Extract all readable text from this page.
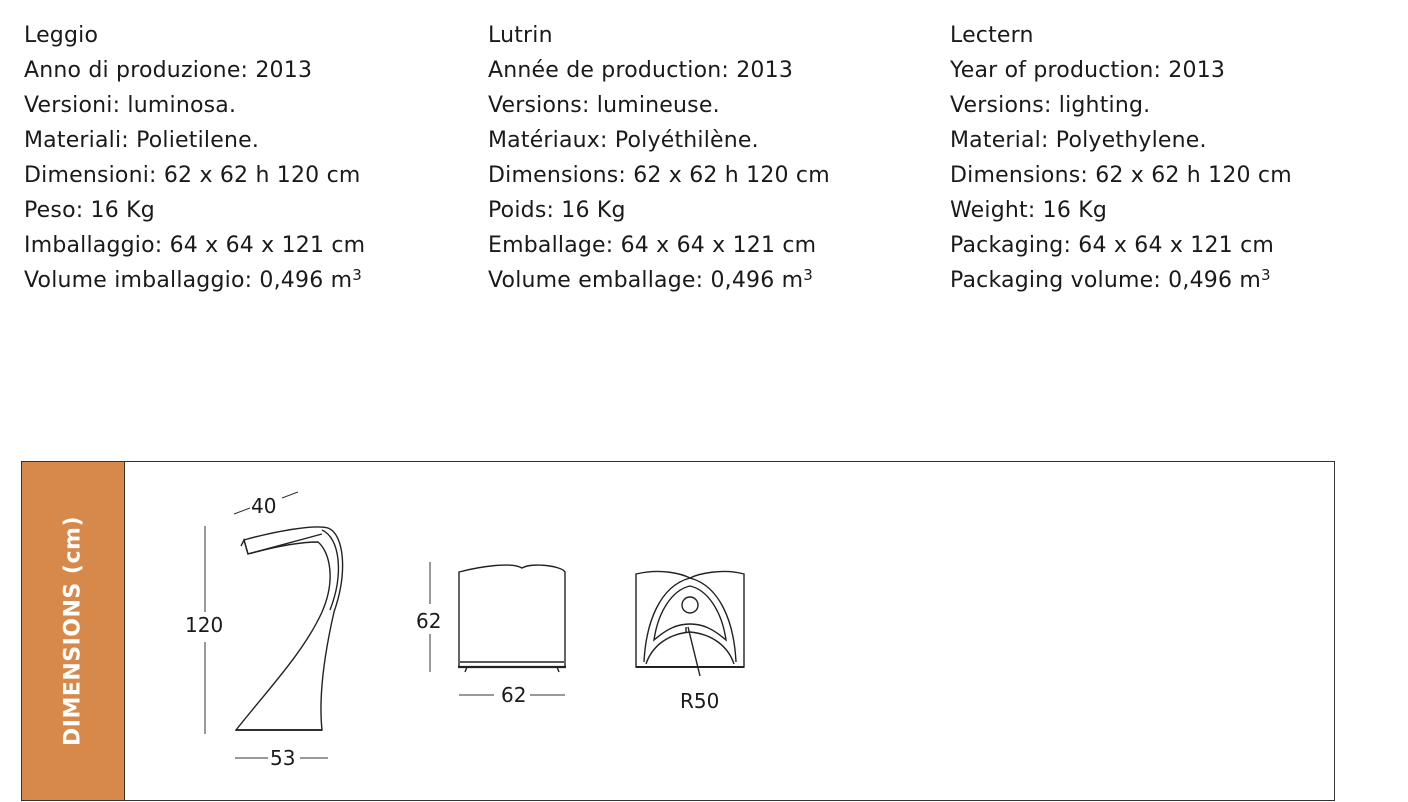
Leggio
Anno di produzione: 2013
Versioni: luminosa.
Materiali: Polietilene.
Dimensioni: 62 x 62 h 120 cm
Peso: 16 Kg
Imballaggio: 64 x 64 x 121 cm
Volume imballaggio: 0,496 $m^3$
Lutrin
Année de production: 2013
Versions: lumineuse.
Matériaux: Polyéthilène.
Dimensions: 62 x 62 h 120 cm
Poids: 16 Kg
Emballage: 64 x 64 x 121 cm
Volume emballage: 0,496 $m^3$
Lectern
Year of production: 2013
Versions: lighting.
Material: Polyethylene.
Dimensions: 62 x 62 h 120 cm
Weight: 16 Kg
Packaging: 64 x 64 x 121 cm
Packaging volume: 0,496 $m^3$
DIMENSIONS (cm)
40
120
53
62
62	R50
